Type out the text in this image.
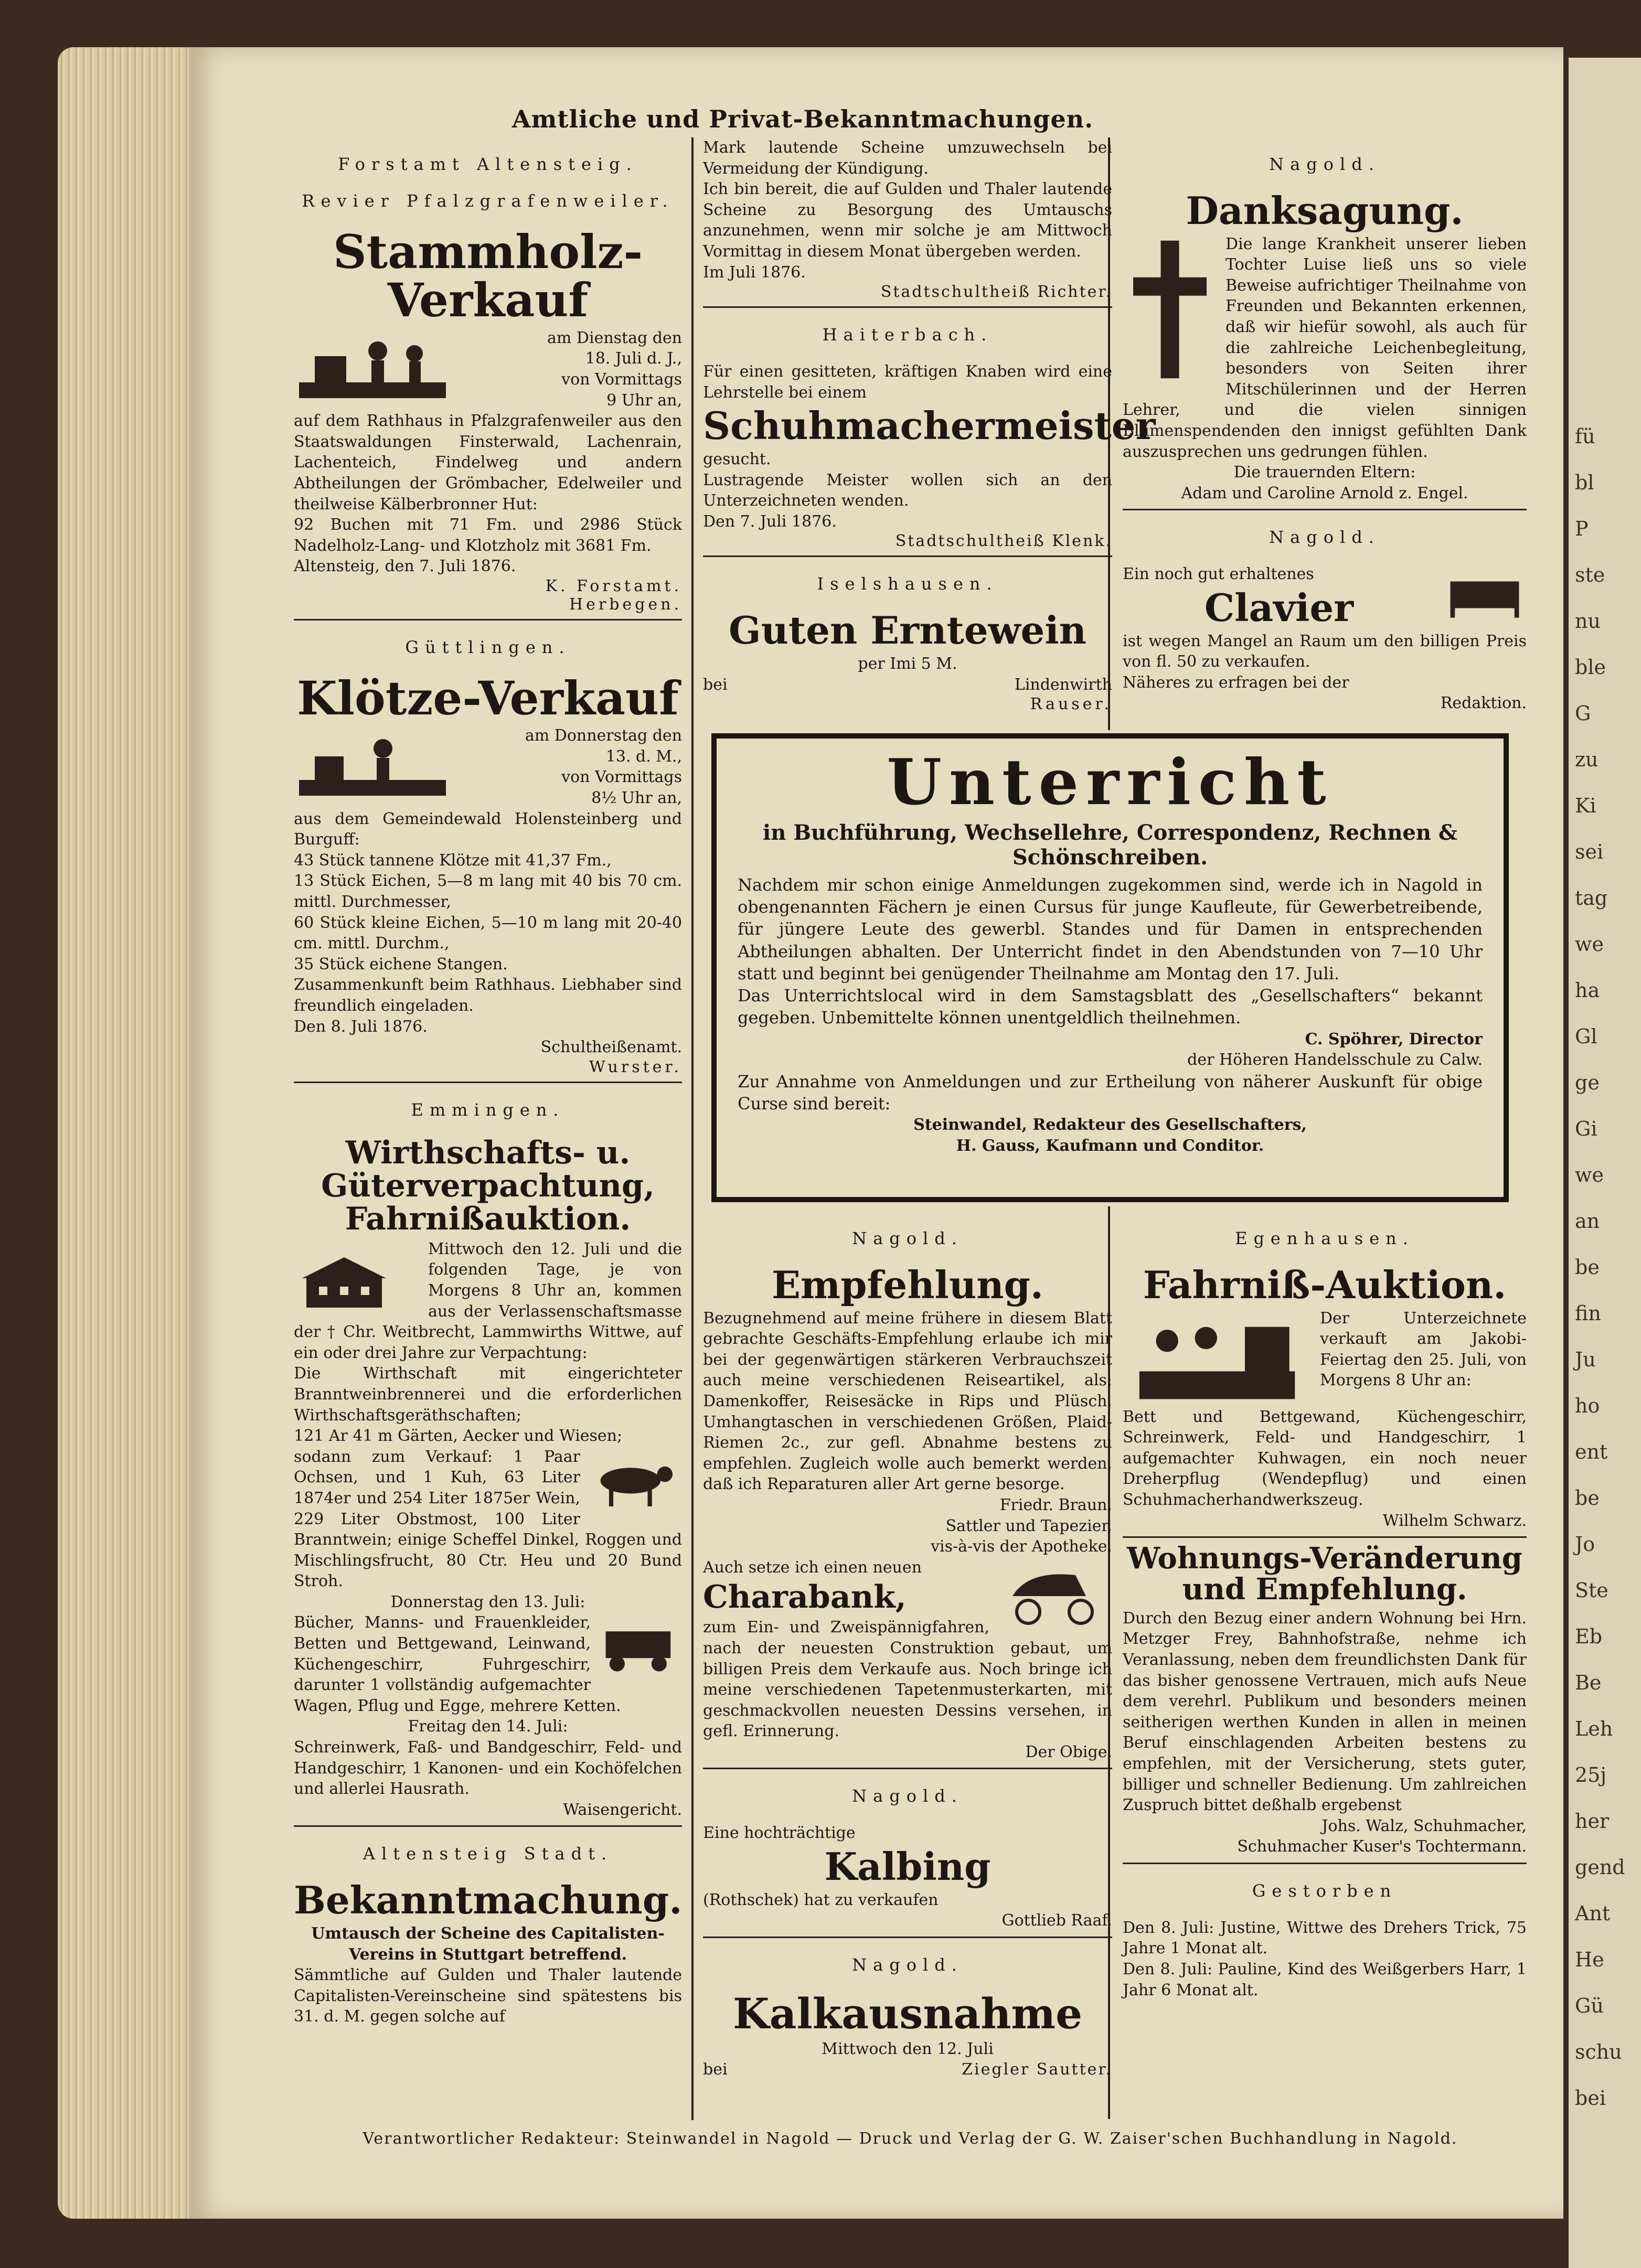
fü
bl
P
ste
nu
ble
G
zu
Ki
sei
tag
we
ha
Gl
ge
Gi
we
an
be
fin
Ju
ho
ent
be
Jo
Ste
Eb
Be
Leh
25j
her
gend
Ant
He
Gü
schu
bei
Amtliche und Privat-Bekanntmachungen.

Forstamt Altensteig.

Revier Pfalzgrafenweiler.

Stammholz-Verkauf

am Dienstag den

18. Juli d. J.,

von Vormittags

9 Uhr an,

auf dem Rathhaus in Pfalzgrafenweiler aus den Staatswaldungen Finsterwald, Lachenrain, Lachenteich, Findelweg und andern Abtheilungen der Grömbacher, Edelweiler und theilweise Kälberbronner Hut:

92 Buchen mit 71 Fm. und 2986 Stück Nadelholz-Lang- und Klotzholz mit 3681 Fm.

Altensteig, den 7. Juli 1876.

K. Forstamt.

Herbegen.

Güttlingen.

Klötze-Verkauf

am Donnerstag den

13. d. M.,

von Vormittags

8½ Uhr an,

aus dem Gemeindewald Holensteinberg und Burguff:

43 Stück tannene Klötze mit 41,37 Fm.,

13 Stück Eichen, 5—8 m lang mit 40 bis 70 cm. mittl. Durchmesser,

60 Stück kleine Eichen, 5—10 m lang mit 20-40 cm. mittl. Durchm.,

35 Stück eichene Stangen.

Zusammenkunft beim Rathhaus. Liebhaber sind freundlich eingeladen.

Den 8. Juli 1876.

Schultheißenamt.

Wurster.

Emmingen.

Wirthschafts- u. Güterverpachtung, Fahrnißauktion.

Mittwoch den 12. Juli und die folgenden Tage, je von Morgens 8 Uhr an, kommen aus der Verlassenschaftsmasse der † Chr. Weitbrecht, Lammwirths Wittwe, auf ein oder drei Jahre zur Verpachtung:

Die Wirthschaft mit eingerichteter Branntweinbrennerei und die erforderlichen Wirthschaftsgeräthschaften;

121 Ar 41 m Gärten, Aecker und Wiesen;

sodann zum Verkauf: 1 Paar Ochsen, und 1 Kuh, 63 Liter 1874er und 254 Liter 1875er Wein, 229 Liter Obstmost, 100 Liter Branntwein; einige Scheffel Dinkel, Roggen und Mischlingsfrucht, 80 Ctr. Heu und 20 Bund Stroh.

Donnerstag den 13. Juli:

Bücher, Manns- und Frauenkleider, Betten und Bettgewand, Leinwand, Küchengeschirr, Fuhrgeschirr, darunter 1 vollständig aufgemachter Wagen, Pflug und Egge, mehrere Ketten.

Freitag den 14. Juli:

Schreinwerk, Faß- und Bandgeschirr, Feld- und Handgeschirr, 1 Kanonen- und ein Kochöfelchen und allerlei Hausrath.

Waisengericht.

Altensteig Stadt.

Bekanntmachung.

Umtausch der Scheine des Capitalisten-Vereins in Stuttgart betreffend.

Sämmtliche auf Gulden und Thaler lautende Capitalisten-Vereinscheine sind spätestens bis 31. d. M. gegen solche auf

Mark lautende Scheine umzuwechseln bei Vermeidung der Kündigung.

Ich bin bereit, die auf Gulden und Thaler lautende Scheine zu Besorgung des Umtauschs anzunehmen, wenn mir solche je am Mittwoch Vormittag in diesem Monat übergeben werden.

Im Juli 1876.

Stadtschultheiß Richter.

Haiterbach.

Für einen gesitteten, kräftigen Knaben wird eine Lehrstelle bei einem

Schuhmachermeister

gesucht.

Lustragende Meister wollen sich an den Unterzeichneten wenden.

Den 7. Juli 1876.

Stadtschultheiß Klenk.

Iselshausen.

Guten Erntewein

per Imi 5 M.

bei	Lindenwirth

Rauser.

Unterricht

in Buchführung, Wechsellehre, Correspondenz, Rechnen & Schönschreiben.

Nachdem mir schon einige Anmeldungen zugekommen sind, werde ich in Nagold in obengenannten Fächern je einen Cursus für junge Kaufleute, für Gewerbetreibende, für jüngere Leute des gewerbl. Standes und für Damen in entsprechenden Abtheilungen abhalten. Der Unterricht findet in den Abendstunden von 7—10 Uhr statt und beginnt bei genügender Theilnahme am Montag den 17. Juli.

Das Unterrichtslocal wird in dem Samstagsblatt des „Gesellschafters“ bekannt gegeben. Unbemittelte können unentgeldlich theilnehmen.

C. Spöhrer, Director

der Höheren Handelsschule zu Calw.

Zur Annahme von Anmeldungen und zur Ertheilung von näherer Auskunft für obige Curse sind bereit:

Steinwandel, Redakteur des Gesellschafters,

H. Gauss, Kaufmann und Conditor.

Nagold.

Empfehlung.

Bezugnehmend auf meine frühere in diesem Blatt gebrachte Geschäfts-Empfehlung erlaube ich mir bei der gegenwärtigen stärkeren Verbrauchszeit auch meine verschiedenen Reiseartikel, als: Damenkoffer, Reisesäcke in Rips und Plüsch, Umhangtaschen in verschiedenen Größen, Plaid-Riemen 2c., zur gefl. Abnahme bestens zu empfehlen. Zugleich wolle auch bemerkt werden, daß ich Reparaturen aller Art gerne besorge.

Friedr. Braun,

Sattler und Tapezier,

vis-à-vis der Apotheke.

Auch setze ich einen neuen

Charabank,

zum Ein- und Zweispännigfahren, nach der neuesten Construktion gebaut, um billigen Preis dem Verkaufe aus. Noch bringe ich meine verschiedenen Tapetenmusterkarten, mit geschmackvollen neuesten Dessins versehen, in gefl. Erinnerung.

Der Obige.

Nagold.

Eine hochträchtige

Kalbing

(Rothschek) hat zu verkaufen

Gottlieb Raaf.

Nagold.

Kalkausnahme

Mittwoch den 12. Juli

bei	Ziegler Sautter.

Nagold.

Danksagung.

Die lange Krankheit unserer lieben Tochter Luise ließ uns so viele Beweise aufrichtiger Theilnahme von Freunden und Bekannten erkennen, daß wir hiefür sowohl, als auch für die zahlreiche Leichenbegleitung, besonders von Seiten ihrer Mitschülerinnen und der Herren Lehrer, und die vielen sinnigen Blumenspendenden den innigst gefühlten Dank auszusprechen uns gedrungen fühlen.

Die trauernden Eltern:

Adam und Caroline Arnold z. Engel.

Nagold.

Ein noch gut erhaltenes

Clavier

ist wegen Mangel an Raum um den billigen Preis von fl. 50 zu verkaufen.

Näheres zu erfragen bei der

Redaktion.

Egenhausen.

Fahrniß-Auktion.

Der Unterzeichnete verkauft am Jakobi-Feiertag den 25. Juli, von Morgens 8 Uhr an:

Bett und Bettgewand, Küchengeschirr, Schreinwerk, Feld- und Handgeschirr, 1 aufgemachter Kuhwagen, ein noch neuer Dreherpflug (Wendepflug) und einen Schuhmacherhandwerkszeug.

Wilhelm Schwarz.

Wohnungs-Veränderung und Empfehlung.

Durch den Bezug einer andern Wohnung bei Hrn. Metzger Frey, Bahnhofstraße, nehme ich Veranlassung, neben dem freundlichsten Dank für das bisher genossene Vertrauen, mich aufs Neue dem verehrl. Publikum und besonders meinen seitherigen werthen Kunden in allen in meinen Beruf einschlagenden Arbeiten bestens zu empfehlen, mit der Versicherung, stets guter, billiger und schneller Bedienung. Um zahlreichen Zuspruch bittet deßhalb ergebenst

Johs. Walz, Schuhmacher,

Schuhmacher Kuser's Tochtermann.

Gestorben

Den 8. Juli: Justine, Wittwe des Drehers Trick, 75 Jahre 1 Monat alt.

Den 8. Juli: Pauline, Kind des Weißgerbers Harr, 1 Jahr 6 Monat alt.

Verantwortlicher Redakteur: Steinwandel in Nagold — Druck und Verlag der G. W. Zaiser'schen Buchhandlung in Nagold.
